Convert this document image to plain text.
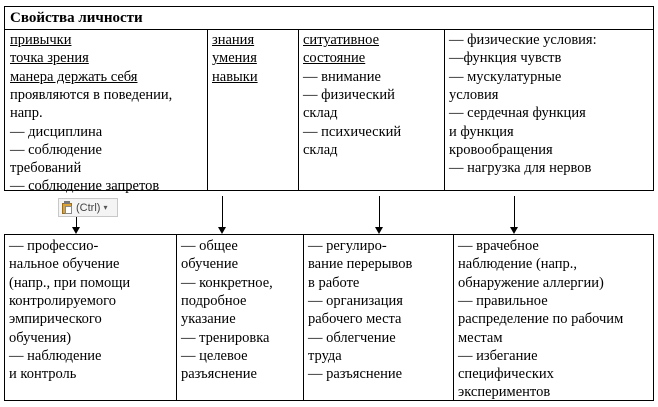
Свойства личности
привычки
точка зрения
манера держать себя
проявляются в поведении,
напр.
— дисциплина
— соблюдение
требований
— соблюдение запретов
знания
умения
навыки
ситуативное
состояние
— внимание
— физический
склад
— психический
склад
— физические условия:
—функция чувств
— мускулатурные
условия
— сердечная функция
и функция
кровообращения
— нагрузка для нервов
(Ctrl) ▾
— профессио-
нальное обучение
(напр., при помощи
контролируемого
эмпирического
обучения)
— наблюдение
и контроль
— общее
обучение
— конкретное,
подробное
указание
— тренировка
— целевое
разъяснение
— регулиро-
вание перерывов
в работе
— организация
рабочего места
— облегчение
труда
— разъяснение
— врачебное
наблюдение (напр.,
обнаружение аллергии)
— правильное
распределение по рабочим
местам
— избегание
специфических
экспериментов
